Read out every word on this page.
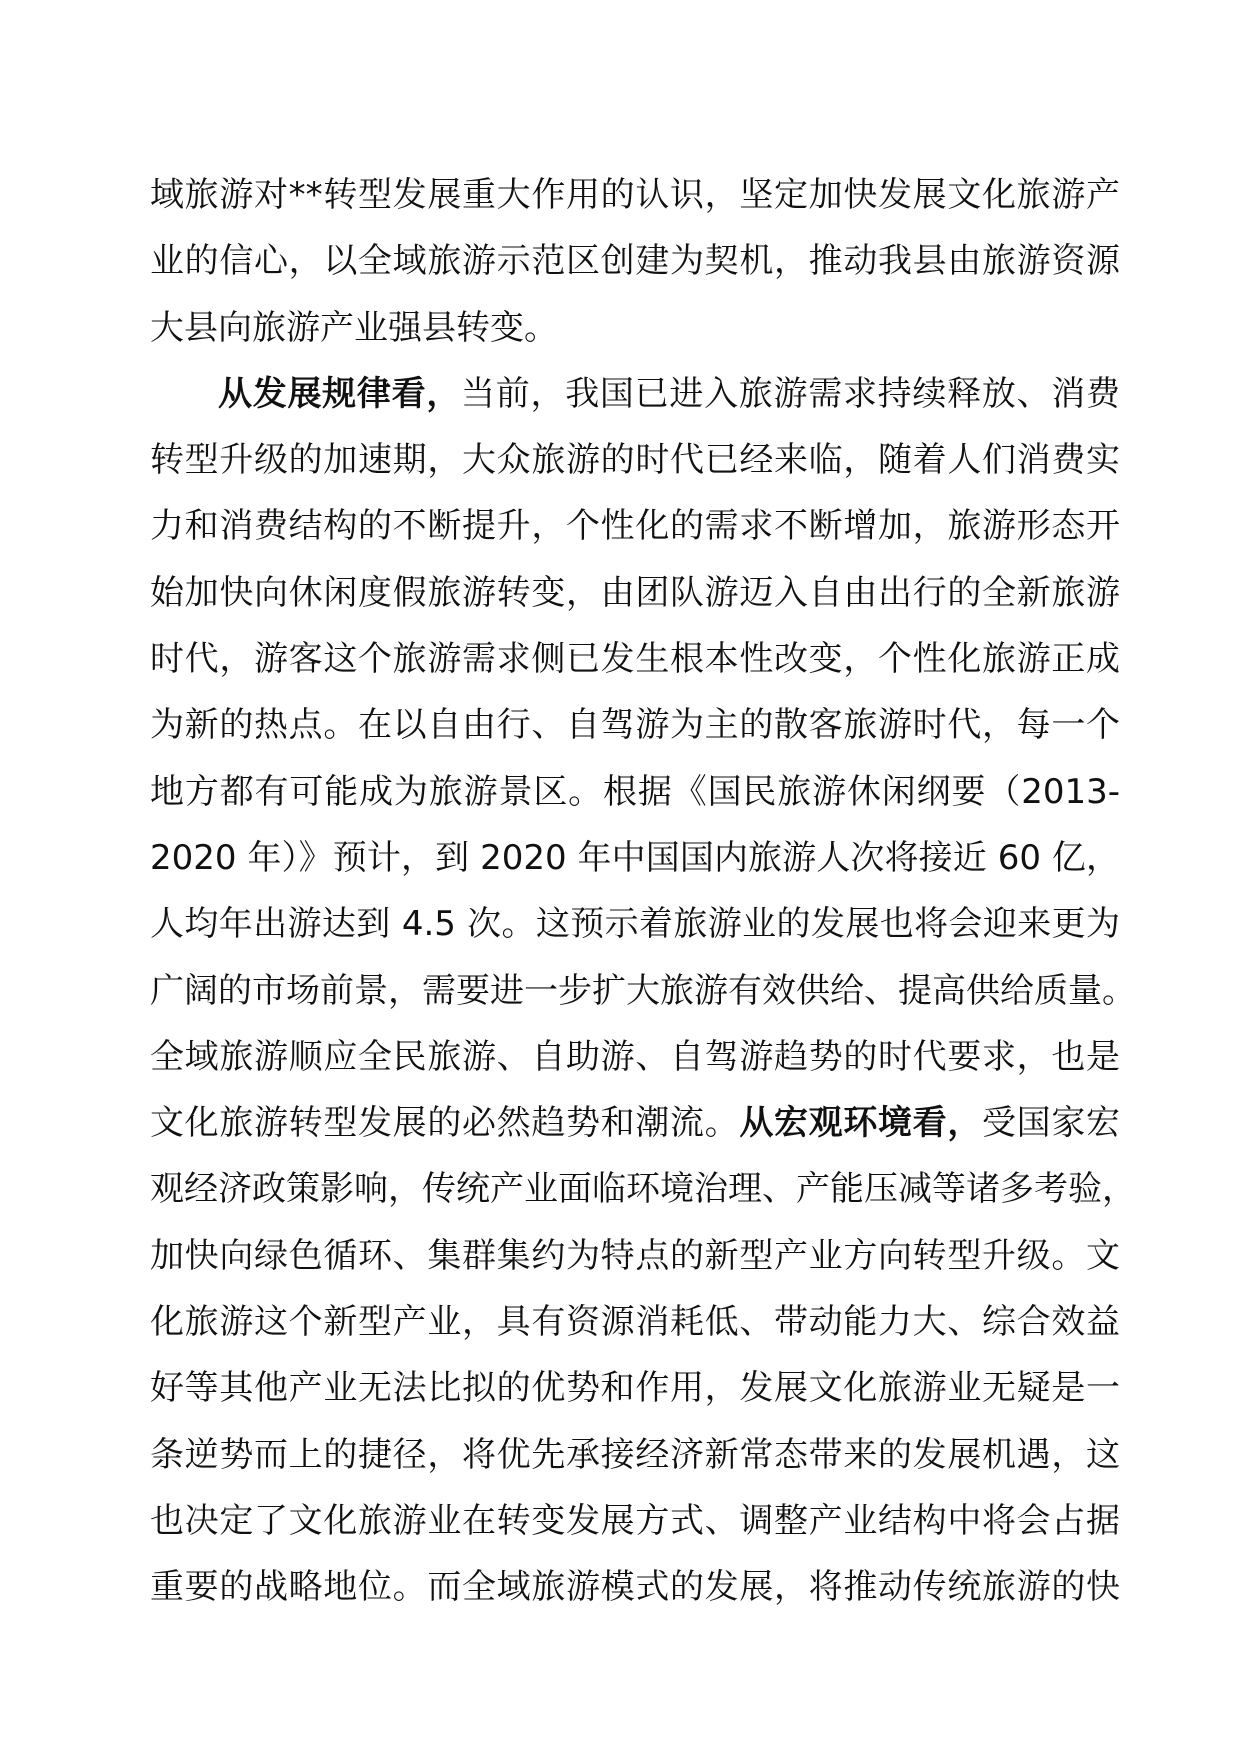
域旅游对**转型发展重大作用的认识，坚定加快发展文化旅游产
业的信心，以全域旅游示范区创建为契机，推动我县由旅游资源
大县向旅游产业强县转变。
从发展规律看，当前，我国已进入旅游需求持续释放、消费
转型升级的加速期，大众旅游的时代已经来临，随着人们消费实
力和消费结构的不断提升，个性化的需求不断增加，旅游形态开
始加快向休闲度假旅游转变，由团队游迈入自由出行的全新旅游
时代，游客这个旅游需求侧已发生根本性改变，个性化旅游正成
为新的热点。在以自由行、自驾游为主的散客旅游时代，每一个
地方都有可能成为旅游景区。根据《国民旅游休闲纲要（2013-
2020 年）》预计，到 2020 年中国国内旅游人次将接近 60 亿，
人均年出游达到 4.5 次。这预示着旅游业的发展也将会迎来更为
广阔的市场前景，需要进一步扩大旅游有效供给、提高供给质量。
全域旅游顺应全民旅游、自助游、自驾游趋势的时代要求，也是
文化旅游转型发展的必然趋势和潮流。从宏观环境看，受国家宏
观经济政策影响，传统产业面临环境治理、产能压减等诸多考验，
加快向绿色循环、集群集约为特点的新型产业方向转型升级。文
化旅游这个新型产业，具有资源消耗低、带动能力大、综合效益
好等其他产业无法比拟的优势和作用，发展文化旅游业无疑是一
条逆势而上的捷径，将优先承接经济新常态带来的发展机遇，这
也决定了文化旅游业在转变发展方式、调整产业结构中将会占据
重要的战略地位。而全域旅游模式的发展，将推动传统旅游的快
